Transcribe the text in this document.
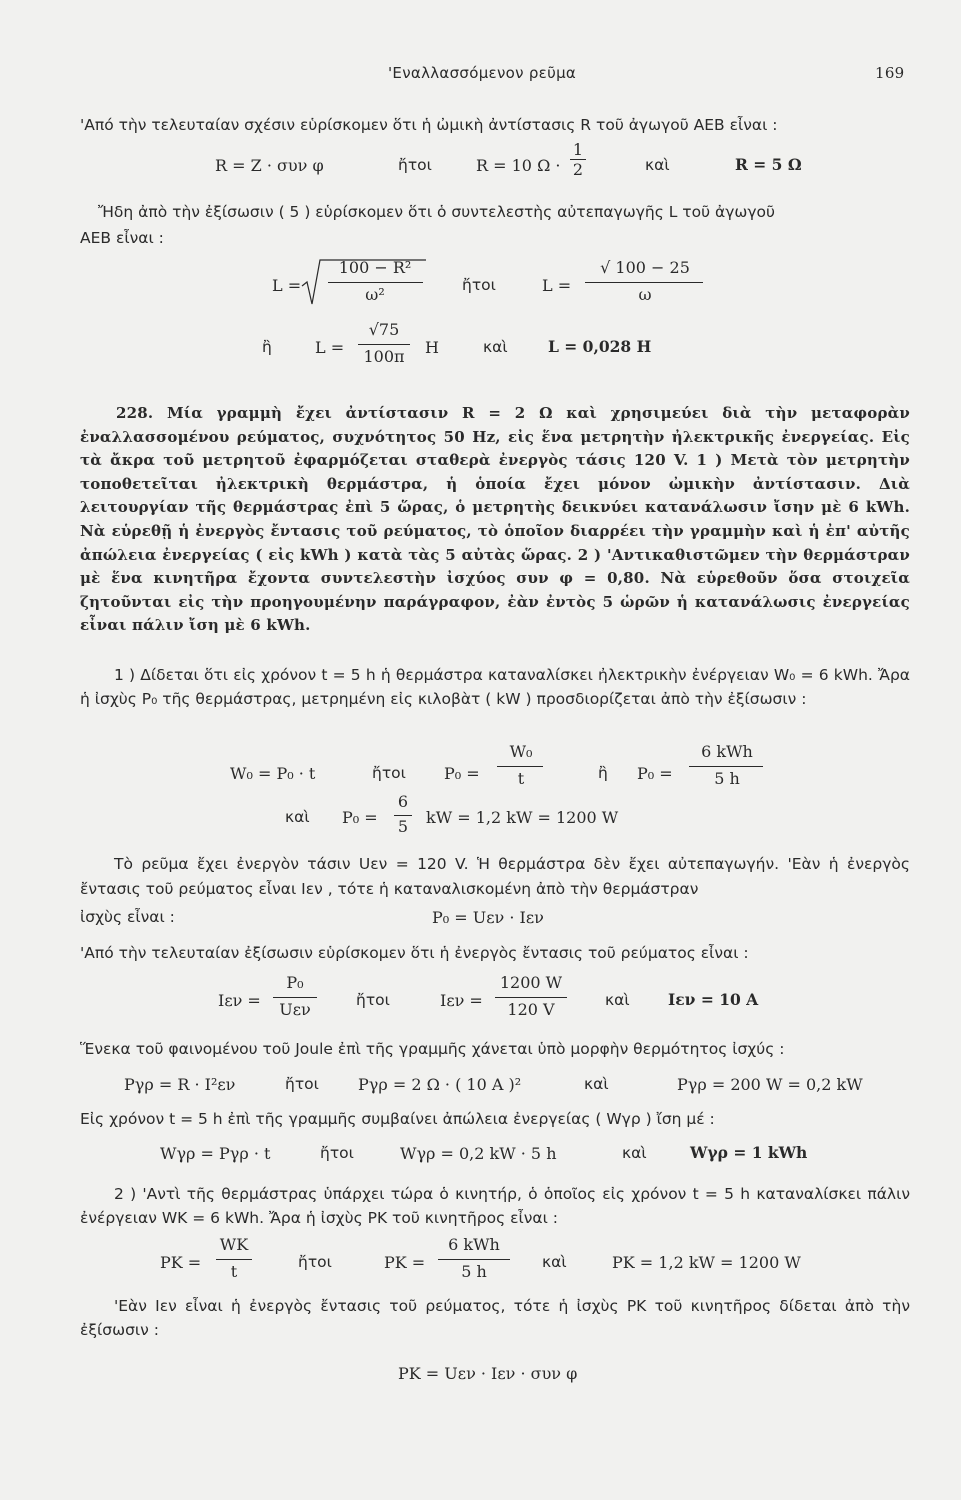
'Εναλλασσόμενον ρεῦμα	169
'Από τὴν τελευταίαν σχέσιν εὑρίσκομεν ὅτι ἡ ὠμικὴ ἀντίστασις R τοῦ ἀγωγοῦ ΑΕΒ εἶναι :
R = Z · συν φ	ἤτοι	R = 10 $\Omega \cdot \frac{1}{2}$	καὶ	R = 5 Ω
Ἤδη ἀπὸ τὴν ἐξίσωσιν ( 5 ) εὑρίσκομεν ὅτι ὁ συντελεστὴς αὐτεπαγωγῆς L τοῦ ἀγωγοῦ
ΑΕΒ εἶναι :
L =
100 − R²
ω²	ἤτοι	L =
√ 100 − 25
ω
ἢ	L =
√75
100π	H	καὶ	L = 0,028 H
228. Μία γραμμὴ ἔχει ἀντίστασιν R = 2 Ω καὶ χρησιμεύει διὰ τὴν μεταφορὰν ἐναλλασσομένου ρεύματος, συχνότητος 50 Hz, εἰς ἕνα μετρητὴν ἠλεκτρικῆς ἐνεργείας. Εἰς τὰ ἄκρα τοῦ μετρητοῦ ἐφαρμόζεται σταθερὰ ἐνεργὸς τάσις 120 V. 1 ) Μετὰ τὸν μετρητὴν τοποθετεῖται ἠλεκτρικὴ θερμάστρα, ἡ ὁποία ἔχει μόνον ὠμικὴν ἀντίστασιν. Διὰ λειτουργίαν τῆς θερμάστρας ἐπὶ 5 ὥρας, ὁ μετρητὴς δεικνύει κατανάλωσιν ἴσην μὲ 6 kWh. Νὰ εὑρεθῇ ἡ ἐνεργὸς ἔντασις τοῦ ρεύματος, τὸ ὁποῖον διαρρέει τὴν γραμμὴν καὶ ἡ ἐπ' αὐτῆς ἀπώλεια ἐνεργείας ( εἰς kWh ) κατὰ τὰς 5 αὐτὰς ὥρας. 2 ) 'Αντικαθιστῶμεν τὴν θερμάστραν μὲ ἕνα κινητῆρα ἔχοντα συντελεστὴν ἰσχύος συν φ = 0,80. Νὰ εὑρεθοῦν ὅσα στοιχεῖα ζητοῦνται εἰς τὴν προηγουμένην παράγραφον, ἐὰν ἐντὸς 5 ὡρῶν ἡ κατανάλωσις ἐνεργείας εἶναι πάλιν ἴση μὲ 6 kWh.
1 ) Δίδεται ὅτι εἰς χρόνον t = 5 h ἡ θερμάστρα καταναλίσκει ἠλεκτρικὴν ἐνέργειαν W₀ = 6 kWh. Ἄρα ἡ ἰσχὺς P₀ τῆς θερμάστρας, μετρημένη εἰς κιλοβὰτ ( kW ) προσδιορίζεται ἀπὸ τὴν ἐξίσωσιν :
W₀ = P₀ · t	ἤτοι P₀ =
W₀
t	ἢ P₀ =
6 kWh
5 h
καὶ P₀ =
6
5	kW = 1,2 kW = 1200 W
Τὸ ρεῦμα ἔχει ἐνεργὸν τάσιν Uεν = 120 V. Ἡ θερμάστρα δὲν ἔχει αὐτεπαγωγήν. 'Εὰν ἡ ἐνεργὸς ἔντασις τοῦ ρεύματος εἶναι Iεν , τότε ἡ καταναλισκομένη ἀπὸ τὴν θερμάστραν
ἰσχὺς εἶναι :	P₀ = Uεν · Iεν
'Από τὴν τελευταίαν ἐξίσωσιν εὑρίσκομεν ὅτι ἡ ἐνεργὸς ἔντασις τοῦ ρεύματος εἶναι :
Iεν =
P₀
Uεν	ἤτοι	Iεν =
1200 W
120 V	καὶ Iεν = 10 A
Ἕνεκα τοῦ φαινομένου τοῦ Joule ἐπὶ τῆς γραμμῆς χάνεται ὑπὸ μορφὴν θερμότητος ἰσχύς :
Pγρ = R · I²εν	ἤτοι Pγρ = 2 Ω · ( 10 A )²	καὶ	Pγρ = 200 W = 0,2 kW
Εἰς χρόνον t = 5 h ἐπὶ τῆς γραμμῆς συμβαίνει ἀπώλεια ἐνεργείας ( Wγρ ) ἴση μέ :
Wγρ = Pγρ · t	ἤτοι	Wγρ = 0,2 kW · 5 h	καὶ	Wγρ = 1 kWh
2 ) 'Αντὶ τῆς θερμάστρας ὑπάρχει τώρα ὁ κινητήρ, ὁ ὁποῖος εἰς χρόνον t = 5 h καταναλίσκει πάλιν ἐνέργειαν WK = 6 kWh. Ἄρα ἡ ἰσχὺς PK τοῦ κινητῆρος εἶναι :
PK =
WK
t	ἤτοι	PK =
6 kWh
5 h	καὶ	PK = 1,2 kW = 1200 W
'Εὰν Iεν εἶναι ἡ ἐνεργὸς ἔντασις τοῦ ρεύματος, τότε ἡ ἰσχὺς PK τοῦ κινητῆρος δίδεται ἀπὸ τὴν ἐξίσωσιν :
PK = Uεν · Iεν · συν φ
